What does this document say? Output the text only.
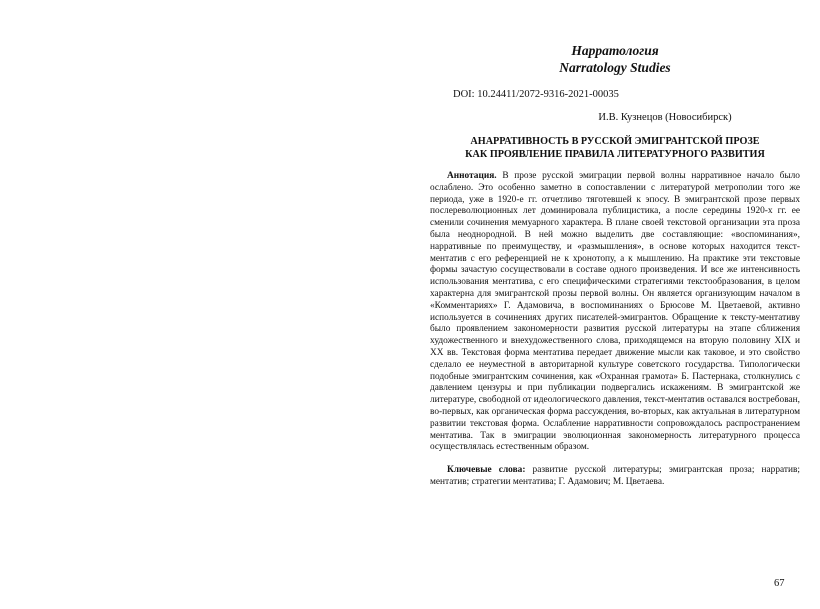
Нарратология
Narratology Studies
DOI: 10.24411/2072-9316-2021-00035
И.В. Кузнецов (Новосибирск)
АНАРРАТИВНОСТЬ В РУССКОЙ ЭМИГРАНТСКОЙ ПРОЗЕ
КАК ПРОЯВЛЕНИЕ ПРАВИЛА ЛИТЕРАТУРНОГО РАЗВИТИЯ

Аннотация. В прозе русской эмиграции первой волны нарративное начало было ослаблено. Это особенно заметно в сопоставлении с литературой метрополии того же периода, уже в 1920-е гг. отчетливо тяготевшей к эпосу. В эмигрантской прозе первых послереволюционных лет доминировала публицистика, а после середины 1920-х гг. ее сменили сочинения мемуарного характера. В плане своей текстовой организации эта проза была неоднородной. В ней можно выделить две составляющие: «воспоминания», нарративные по преимуществу, и «размышления», в основе которых находится текст-ментатив с его референцией не к хронотопу, а к мышлению. На практике эти текстовые формы зачастую сосуществовали в составе одного произведения. И все же интенсивность использования ментатива, с его специфическими стратегиями текстообразования, в целом характерна для эмигрантской прозы первой волны. Он является организующим началом в «Комментариях» Г. Адамовича, в воспоминаниях о Брюсове М. Цветаевой, активно используется в сочинениях других писателей-эмигрантов. Обращение к тексту-ментативу было проявлением закономерности развития русской литературы на этапе сближения художественного и внехудожественного слова, приходящемся на вторую половину XIX и XX вв. Текстовая форма ментатива передает движение мысли как таковое, и это свойство сделало ее неуместной в авторитарной культуре советского государства. Типологически подобные эмигрантским сочинения, как «Охранная грамота» Б. Пастернака, столкнулись с давлением цензуры и при публикации подвергались искажениям. В эмигрантской же литературе, свободной от идеологического давления, текст-ментатив оставался востребован, во-первых, как органическая форма рассуждения, во-вторых, как актуальная в литературном развитии текстовая форма. Ослабление нарративности сопровождалось распространением ментатива. Так в эмиграции эволюционная закономерность литературного процесса осуществлялась естественным образом.

Ключевые слова: развитие русской литературы; эмигрантская проза; нарратив; ментатив; стратегии ментатива; Г. Адамович; М. Цветаева.

67
